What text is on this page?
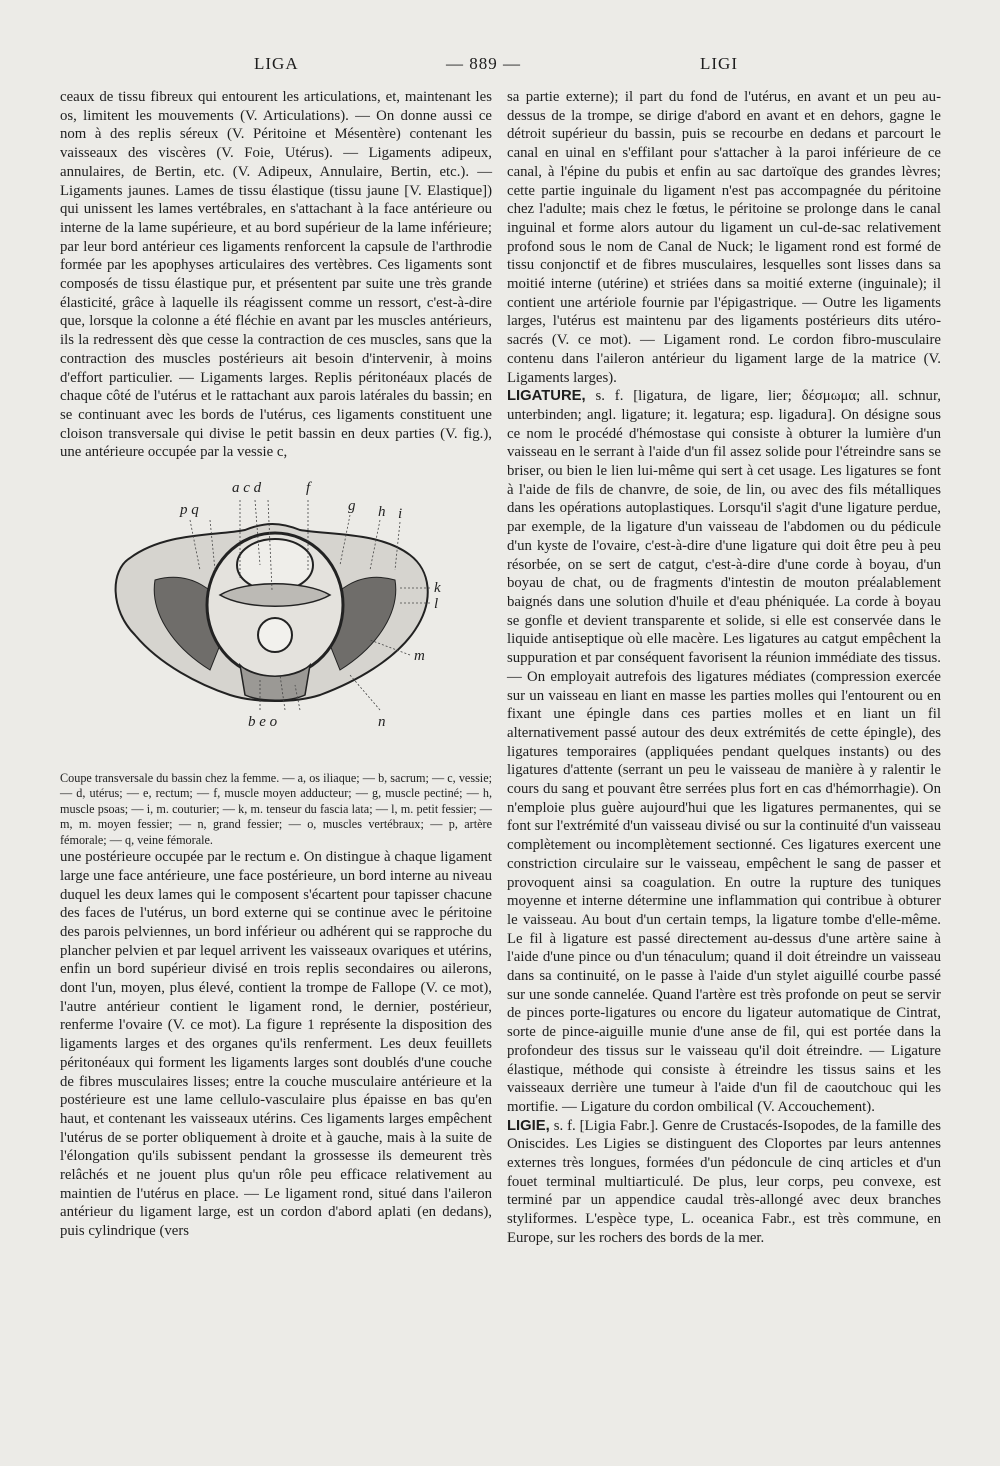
LIGA	— 889 —	LIGI

ceaux de tissu fibreux qui entourent les articulations, et, maintenant les os, limitent les mouvements (V. Articulations). — On donne aussi ce nom à des replis séreux (V. Péritoine et Mésentère) contenant les vaisseaux des viscères (V. Foie, Utérus). — Ligaments adipeux, annulaires, de Bertin, etc. (V. Adipeux, Annulaire, Bertin, etc.). — Ligaments jaunes. Lames de tissu élastique (tissu jaune [V. Elastique]) qui unissent les lames vertébrales, en s'attachant à la face antérieure ou interne de la lame supérieure, et au bord supérieur de la lame inférieure; par leur bord antérieur ces ligaments renforcent la capsule de l'arthrodie formée par les apophyses articulaires des vertèbres. Ces ligaments sont composés de tissu élastique pur, et présentent par suite une très grande élasticité, grâce à laquelle ils réagissent comme un ressort, c'est-à-dire que, lorsque la colonne a été fléchie en avant par les muscles antérieurs, ils la redressent dès que cesse la contraction de ces muscles, sans que la contraction des muscles postérieurs ait besoin d'intervenir, à moins d'effort particulier. — Ligaments larges. Replis péritonéaux placés de chaque côté de l'utérus et le rattachant aux parois latérales du bassin; en se continuant avec les bords de l'utérus, ces ligaments constituent une cloison transversale qui divise le petit bassin en deux parties (V. fig.), une antérieure occupée par la vessie c,

a c d	f
p q	g h i
k
l
m
b e o	n

Coupe transversale du bassin chez la femme. — a, os iliaque; — b, sacrum; — c, vessie; — d, utérus; — e, rectum; — f, muscle moyen adducteur; — g, muscle pectiné; — h, muscle psoas; — i, m. couturier; — k, m. tenseur du fascia lata; — l, m. petit fessier; — m, m. moyen fessier; — n, grand fessier; — o, muscles vertébraux; — p, artère fémorale; — q, veine fémorale.

une postérieure occupée par le rectum e. On distingue à chaque ligament large une face antérieure, une face postérieure, un bord interne au niveau duquel les deux lames qui le composent s'écartent pour tapisser chacune des faces de l'utérus, un bord externe qui se continue avec le péritoine des parois pelviennes, un bord inférieur ou adhérent qui se rapproche du plancher pelvien et par lequel arrivent les vaisseaux ovariques et utérins, enfin un bord supérieur divisé en trois replis secondaires ou ailerons, dont l'un, moyen, plus élevé, contient la trompe de Fallope (V. ce mot), l'autre antérieur contient le ligament rond, le dernier, postérieur, renferme l'ovaire (V. ce mot). La figure 1 représente la disposition des ligaments larges et des organes qu'ils renferment. Les deux feuillets péritonéaux qui forment les ligaments larges sont doublés d'une couche de fibres musculaires lisses; entre la couche musculaire antérieure et la postérieure est une lame cellulo-vasculaire plus épaisse en bas qu'en haut, et contenant les vaisseaux utérins. Ces ligaments larges empêchent l'utérus de se porter obliquement à droite et à gauche, mais à la suite de l'élongation qu'ils subissent pendant la grossesse ils demeurent très relâchés et ne jouent plus qu'un rôle peu efficace relativement au maintien de l'utérus en place. — Le ligament rond, situé dans l'aileron antérieur du ligament large, est un cordon d'abord aplati (en dedans), puis cylindrique (vers

sa partie externe); il part du fond de l'utérus, en avant et un peu au-dessus de la trompe, se dirige d'abord en avant et en dehors, gagne le détroit supérieur du bassin, puis se recourbe en dedans et parcourt le canal en uinal en s'effilant pour s'attacher à la paroi inférieure de ce canal, à l'épine du pubis et enfin au sac dartoïque des grandes lèvres; cette partie inguinale du ligament n'est pas accompagnée du péritoine chez l'adulte; mais chez le fœtus, le péritoine se prolonge dans le canal inguinal et forme alors autour du ligament un cul-de-sac relativement profond sous le nom de Canal de Nuck; le ligament rond est formé de tissu conjonctif et de fibres musculaires, lesquelles sont lisses dans sa moitié interne (utérine) et striées dans sa moitié externe (inguinale); il contient une artériole fournie par l'épigastrique. — Outre les ligaments larges, l'utérus est maintenu par des ligaments postérieurs dits utéro-sacrés (V. ce mot). — Ligament rond. Le cordon fibro-musculaire contenu dans l'aileron antérieur du ligament large de la matrice (V. Ligaments larges).

LIGATURE, s. f. [ligatura, de ligare, lier; δέσμωμα; all. schnur, unterbinden; angl. ligature; it. legatura; esp. ligadura]. On désigne sous ce nom le procédé d'hémostase qui consiste à obturer la lumière d'un vaisseau en le serrant à l'aide d'un fil assez solide pour l'étreindre sans se briser, ou bien le lien lui-même qui sert à cet usage. Les ligatures se font à l'aide de fils de chanvre, de soie, de lin, ou avec des fils métalliques dans les opérations autoplastiques. Lorsqu'il s'agit d'une ligature perdue, par exemple, de la ligature d'un vaisseau de l'abdomen ou du pédicule d'un kyste de l'ovaire, c'est-à-dire d'une ligature qui doit être peu à peu résorbée, on se sert de catgut, c'est-à-dire d'une corde à boyau, d'un boyau de chat, ou de fragments d'intestin de mouton préalablement baignés dans une solution d'huile et d'eau phéniquée. La corde à boyau se gonfle et devient transparente et solide, si elle est conservée dans le liquide antiseptique où elle macère. Les ligatures au catgut empêchent la suppuration et par conséquent favorisent la réunion immédiate des tissus. — On employait autrefois des ligatures médiates (compression exercée sur un vaisseau en liant en masse les parties molles qui l'entourent ou en fixant une épingle dans ces parties molles et en liant un fil alternativement passé autour des deux extrémités de cette épingle), des ligatures temporaires (appliquées pendant quelques instants) ou des ligatures d'attente (serrant un peu le vaisseau de manière à y ralentir le cours du sang et pouvant être serrées plus fort en cas d'hémorrhagie). On n'emploie plus guère aujourd'hui que les ligatures permanentes, qui se font sur l'extrémité d'un vaisseau divisé ou sur la continuité d'un vaisseau complètement ou incomplètement sectionné. Ces ligatures exercent une constriction circulaire sur le vaisseau, empêchent le sang de passer et provoquent ainsi sa coagulation. En outre la rupture des tuniques moyenne et interne détermine une inflammation qui contribue à obturer le vaisseau. Au bout d'un certain temps, la ligature tombe d'elle-même. Le fil à ligature est passé directement au-dessus d'une artère saine à l'aide d'une pince ou d'un ténaculum; quand il doit étreindre un vaisseau dans sa continuité, on le passe à l'aide d'un stylet aiguillé courbe passé sur une sonde cannelée. Quand l'artère est très profonde on peut se servir de pinces porte-ligatures ou encore du ligateur automatique de Cintrat, sorte de pince-aiguille munie d'une anse de fil, qui est portée dans la profondeur des tissus sur le vaisseau qu'il doit étreindre. — Ligature élastique, méthode qui consiste à étreindre les tissus sains et les vaisseaux derrière une tumeur à l'aide d'un fil de caoutchouc qui les mortifie. — Ligature du cordon ombilical (V. Accouchement).

LIGIE, s. f. [Ligia Fabr.]. Genre de Crustacés-Isopodes, de la famille des Oniscides. Les Ligies se distinguent des Cloportes par leurs antennes externes très longues, formées d'un pédoncule de cinq articles et d'un fouet terminal multiarticulé. De plus, leur corps, peu convexe, est terminé par un appendice caudal très-allongé avec deux branches styliformes. L'espèce type, L. oceanica Fabr., est très commune, en Europe, sur les rochers des bords de la mer.
